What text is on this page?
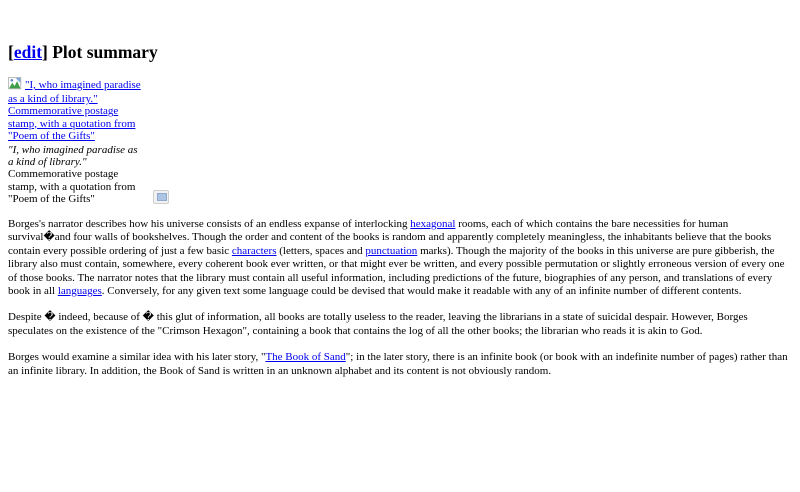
[edit] Plot summary
"I, who imagined paradise as a kind of library." Commemorative postage stamp, with a quotation from "Poem of the Gifts"
"I, who imagined paradise as a kind of library." Commemorative postage stamp, with a quotation from "Poem of the Gifts"

Borges's narrator describes how his universe consists of an endless expanse of interlocking hexagonal rooms, each of which contains the bare necessities for human survival�and four walls of bookshelves. Though the order and content of the books is random and apparently completely meaningless, the inhabitants believe that the books contain every possible ordering of just a few basic characters (letters, spaces and punctuation marks). Though the majority of the books in this universe are pure gibberish, the library also must contain, somewhere, every coherent book ever written, or that might ever be written, and every possible permutation or slightly erroneous version of every one of those books. The narrator notes that the library must contain all useful information, including predictions of the future, biographies of any person, and translations of every book in all languages. Conversely, for any given text some language could be devised that would make it readable with any of an infinite number of different contents.

Despite � indeed, because of � this glut of information, all books are totally useless to the reader, leaving the librarians in a state of suicidal despair. However, Borges speculates on the existence of the "Crimson Hexagon", containing a book that contains the log of all the other books; the librarian who reads it is akin to God.

Borges would examine a similar idea with his later story, "The Book of Sand"; in the later story, there is an infinite book (or book with an indefinite number of pages) rather than an infinite library. In addition, the Book of Sand is written in an unknown alphabet and its content is not obviously random.
